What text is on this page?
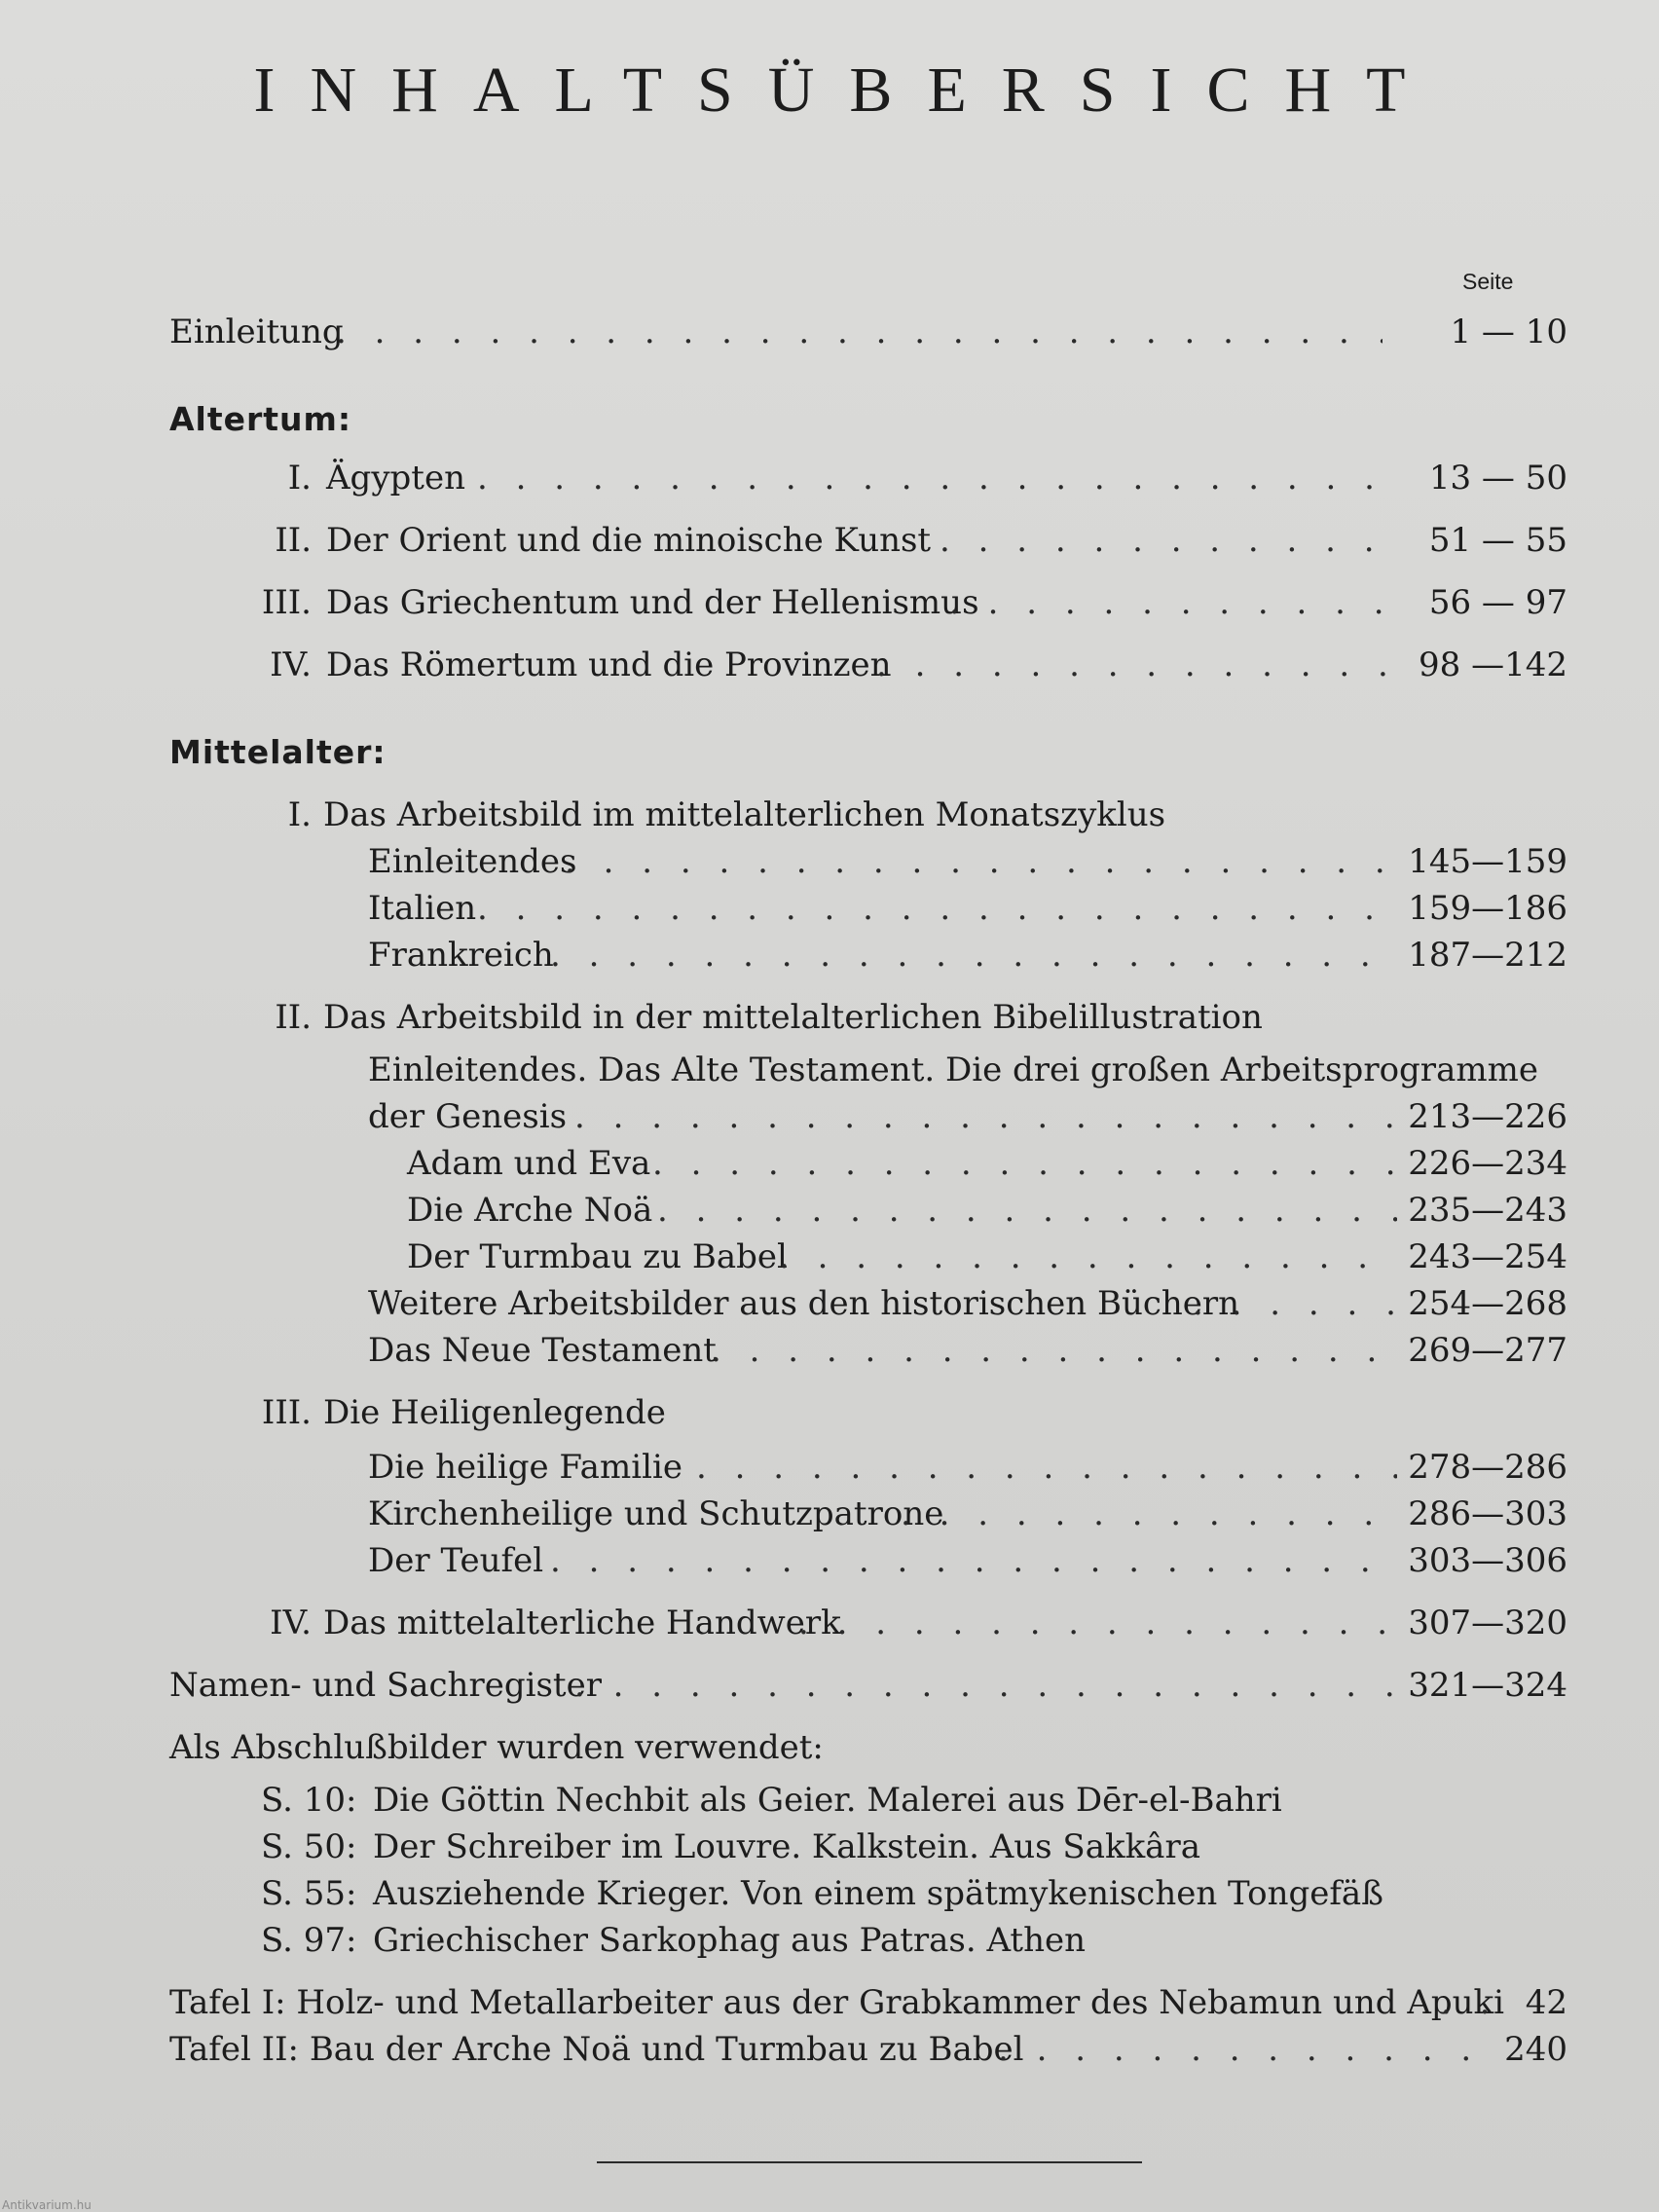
INHALTSÜBERSICHT
Seite
Einleitung . . .	1 — 10
Altertum:
I. Ägypten . . .	13 — 50
II. Der Orient und die minoische Kunst . . .	51 — 55
III. Das Griechentum und der Hellenismus . . .	56 — 97
IV. Das Römertum und die Provinzen . . .	98 —142
Mittelalter:
I. Das Arbeitsbild im mittelalterlichen Monatszyklus
Einleitendes . . .	145—159
Italien . . .	159—186
Frankreich . . .	187—212
II. Das Arbeitsbild in der mittelalterlichen Bibelillustration
Einleitendes. Das Alte Testament. Die drei großen Arbeitsprogramme
der Genesis . . .	213—226
Adam und Eva . . .	226—234
Die Arche Noä . . .	235—243
Der Turmbau zu Babel . . .	243—254
Weitere Arbeitsbilder aus den historischen Büchern . . .	254—268
Das Neue Testament . . .	269—277
III. Die Heiligenlegende
Die heilige Familie . . .	278—286
Kirchenheilige und Schutzpatrone . . .	286—303
Der Teufel . . .	303—306
IV. Das mittelalterliche Handwerk . . .	307—320
Namen- und Sachregister . . .	321—324
Als Abschlußbilder wurden verwendet:
S. 10: Die Göttin Nechbit als Geier. Malerei aus Dēr-el-Bahri
S. 50: Der Schreiber im Louvre. Kalkstein. Aus Sakkâra
S. 55: Ausziehende Krieger. Von einem spätmykenischen Tongefäß
S. 97: Griechischer Sarkophag aus Patras. Athen
Tafel I: Holz- und Metallarbeiter aus der Grabkammer des Nebamun und Apuki . . . 42
Tafel II: Bau der Arche Noä und Turmbau zu Babel . . .	240
Antikvarium.hu
